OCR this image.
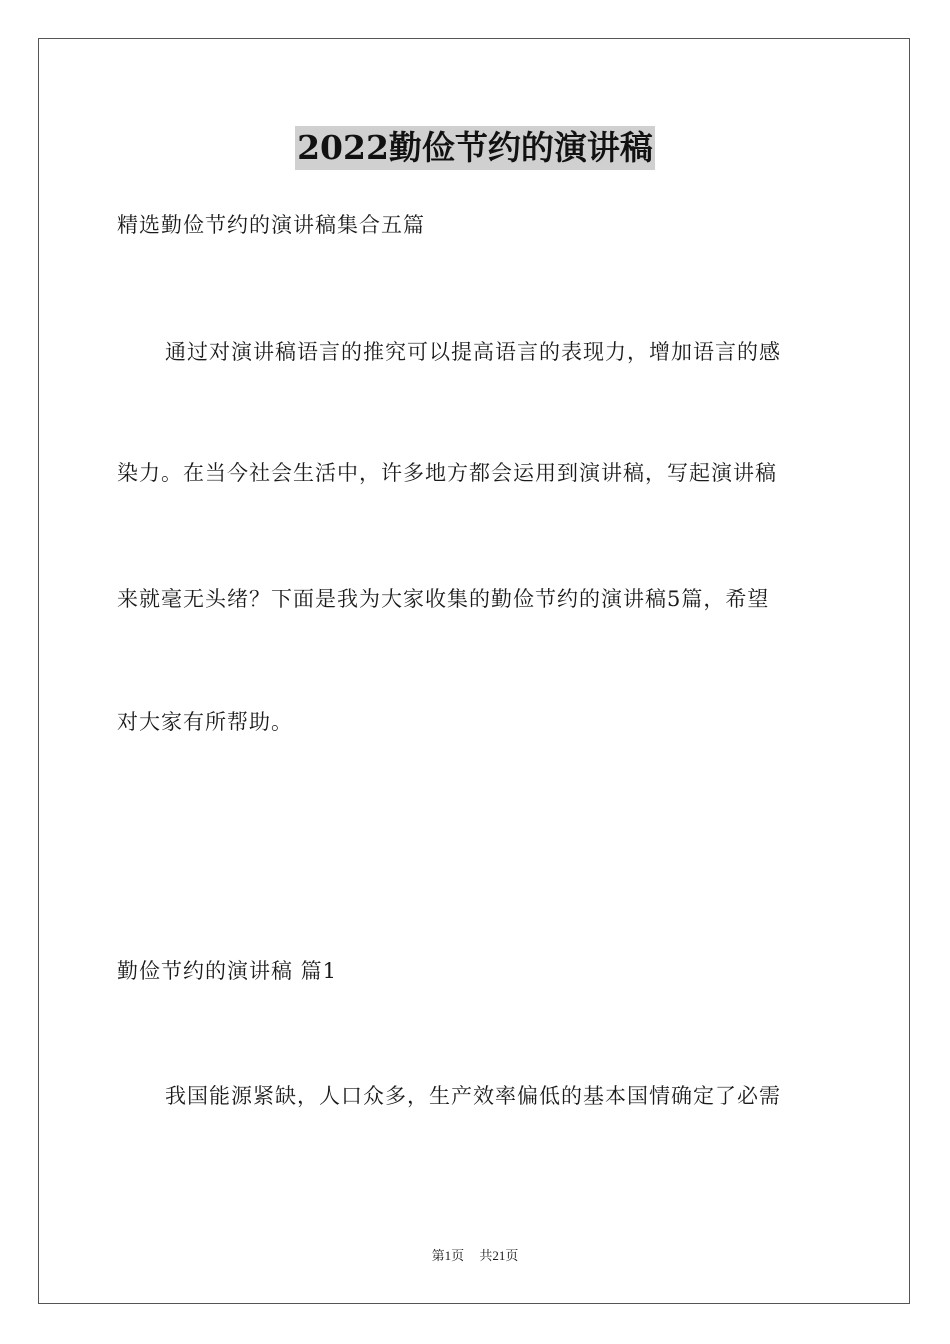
2022勤俭节约的演讲稿
精选勤俭节约的演讲稿集合五篇
通过对演讲稿语言的推究可以提高语言的表现力，增加语言的感
染力。在当今社会生活中，许多地方都会运用到演讲稿，写起演讲稿
来就毫无头绪？下面是我为大家收集的勤俭节约的演讲稿5篇，希望
对大家有所帮助。
勤俭节约的演讲稿 篇1
我国能源紧缺，人口众多，生产效率偏低的基本国情确定了必需
第1页 共21页
